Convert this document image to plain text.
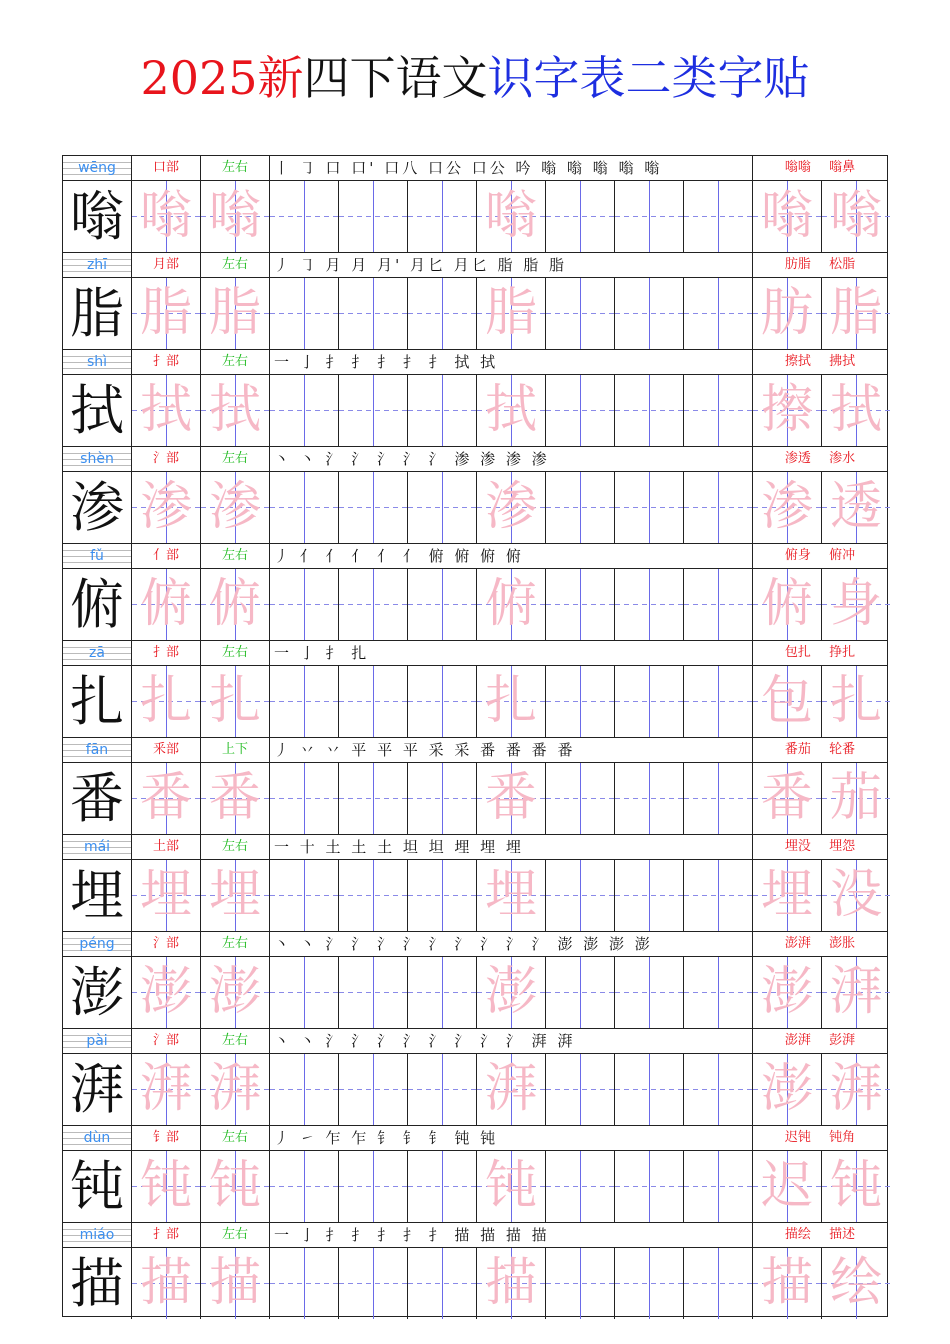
2025新四下语文识字表二类字贴
wēng	口部	左右	丨 ㇆ 口 口' 口八 口公 口公 吟 嗡 嗡 嗡 嗡 嗡	嗡嗡 嗡鼻
嗡 嗡 嗡	嗡	嗡 嗡
zhī	月部	左右	丿 ㇆ 月 月 月' 月匕 月匕 脂 脂 脂	肪脂 松脂
脂 脂 脂	脂	肪 脂
shì	扌部	左右	一 亅 扌 扌 扌 扌 扌 拭 拭	擦拭 拂拭
拭 拭 拭	拭	擦 拭
shèn	氵部	左右	丶 丶 氵 氵 氵 氵 氵 渗 渗 渗 渗	渗透 渗水
渗 渗 渗	渗	渗 透
fǔ	亻部	左右	丿 亻 亻 亻 亻 亻 俯 俯 俯 俯	俯身 俯冲
俯 俯 俯	俯	俯 身
zā	扌部	左右	一 亅 扌 扎	包扎 挣扎
扎 扎 扎	扎	包 扎
fān	釆部	上下	丿 丷 丷 平 平 平 采 采 番 番 番 番	番茄 轮番
番 番 番	番	番 茄
mái	土部	左右	一 十 土 土 土 坦 坦 埋 埋 埋	埋没 埋怨
埋 埋 埋	埋	埋 没
péng	氵部	左右	丶 丶 氵 氵 氵 氵 氵 氵 氵 氵 氵 澎 澎 澎 澎	澎湃 澎胀
澎 澎 澎	澎	澎 湃
pài	氵部	左右	丶 丶 氵 氵 氵 氵 氵 氵 氵 氵 湃 湃	澎湃 彭湃
湃 湃 湃	湃	澎 湃
dùn	钅部	左右	丿 ㇀ 乍 乍 钅 钅 钅 钝 钝	迟钝 钝角
钝 钝 钝	钝	迟 钝
miáo	扌部	左右	一 亅 扌 扌 扌 扌 扌 描 描 描 描	描绘 描述
描 描 描	描	描 绘
